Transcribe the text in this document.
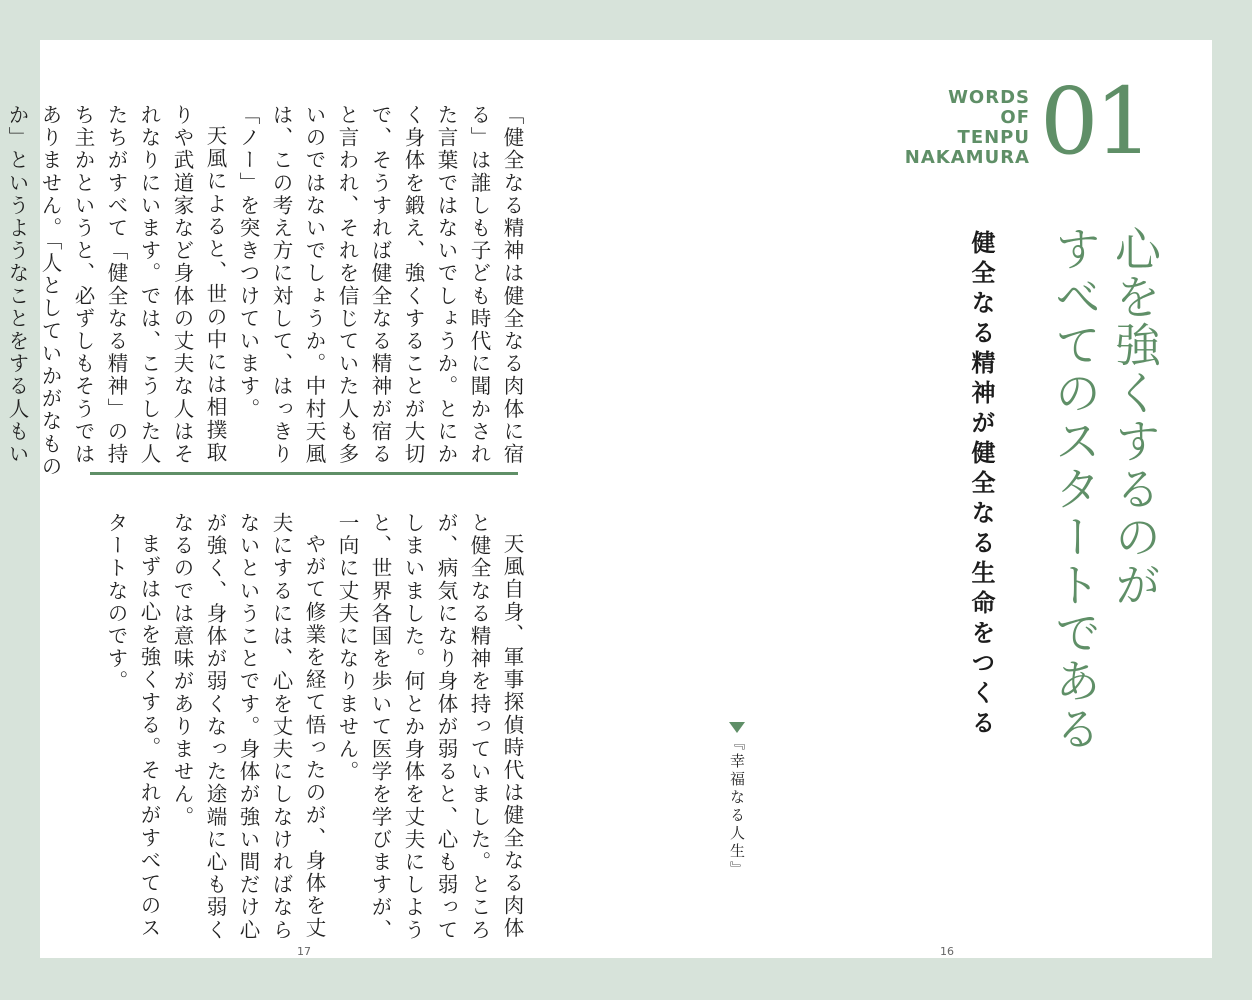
「健全なる精神は健全なる肉体に宿る」は誰しも子ども時代に聞かされた言葉ではないでしょうか。とにかく身体を鍛え、強くすることが大切で、そうすれば健全なる精神が宿ると言われ、それを信じていた人も多いのではないでしょうか。中村天風は、この考え方に対して、はっきり「ノー」を突きつけています。

天風によると、世の中には相撲取りや武道家など身体の丈夫な人はそれなりにいます。では、こうした人たちがすべて「健全なる精神」の持ち主かというと、必ずしもそうではありません。「人としていかがなものか」というようなことをする人もい

天風自身、軍事探偵時代は健全なる肉体と健全なる精神を持っていました。ところが、病気になり身体が弱ると、心も弱ってしまいました。何とか身体を丈夫にしようと、世界各国を歩いて医学を学びますが、一向に丈夫になりません。

やがて修業を経て悟ったのが、身体を丈夫にするには、心を丈夫にしなければならないということです。身体が強い間だけ心が強く、身体が弱くなった途端に心も弱くなるのでは意味がありません。

まずは心を強くする。それがすべてのスタートなのです。

WORDS
OF
TENPU
NAKAMURA 01
心を強くするのが
すべてのスタートである
健全なる精神が健全なる生命をつくる
『幸福なる人生』
17	16
